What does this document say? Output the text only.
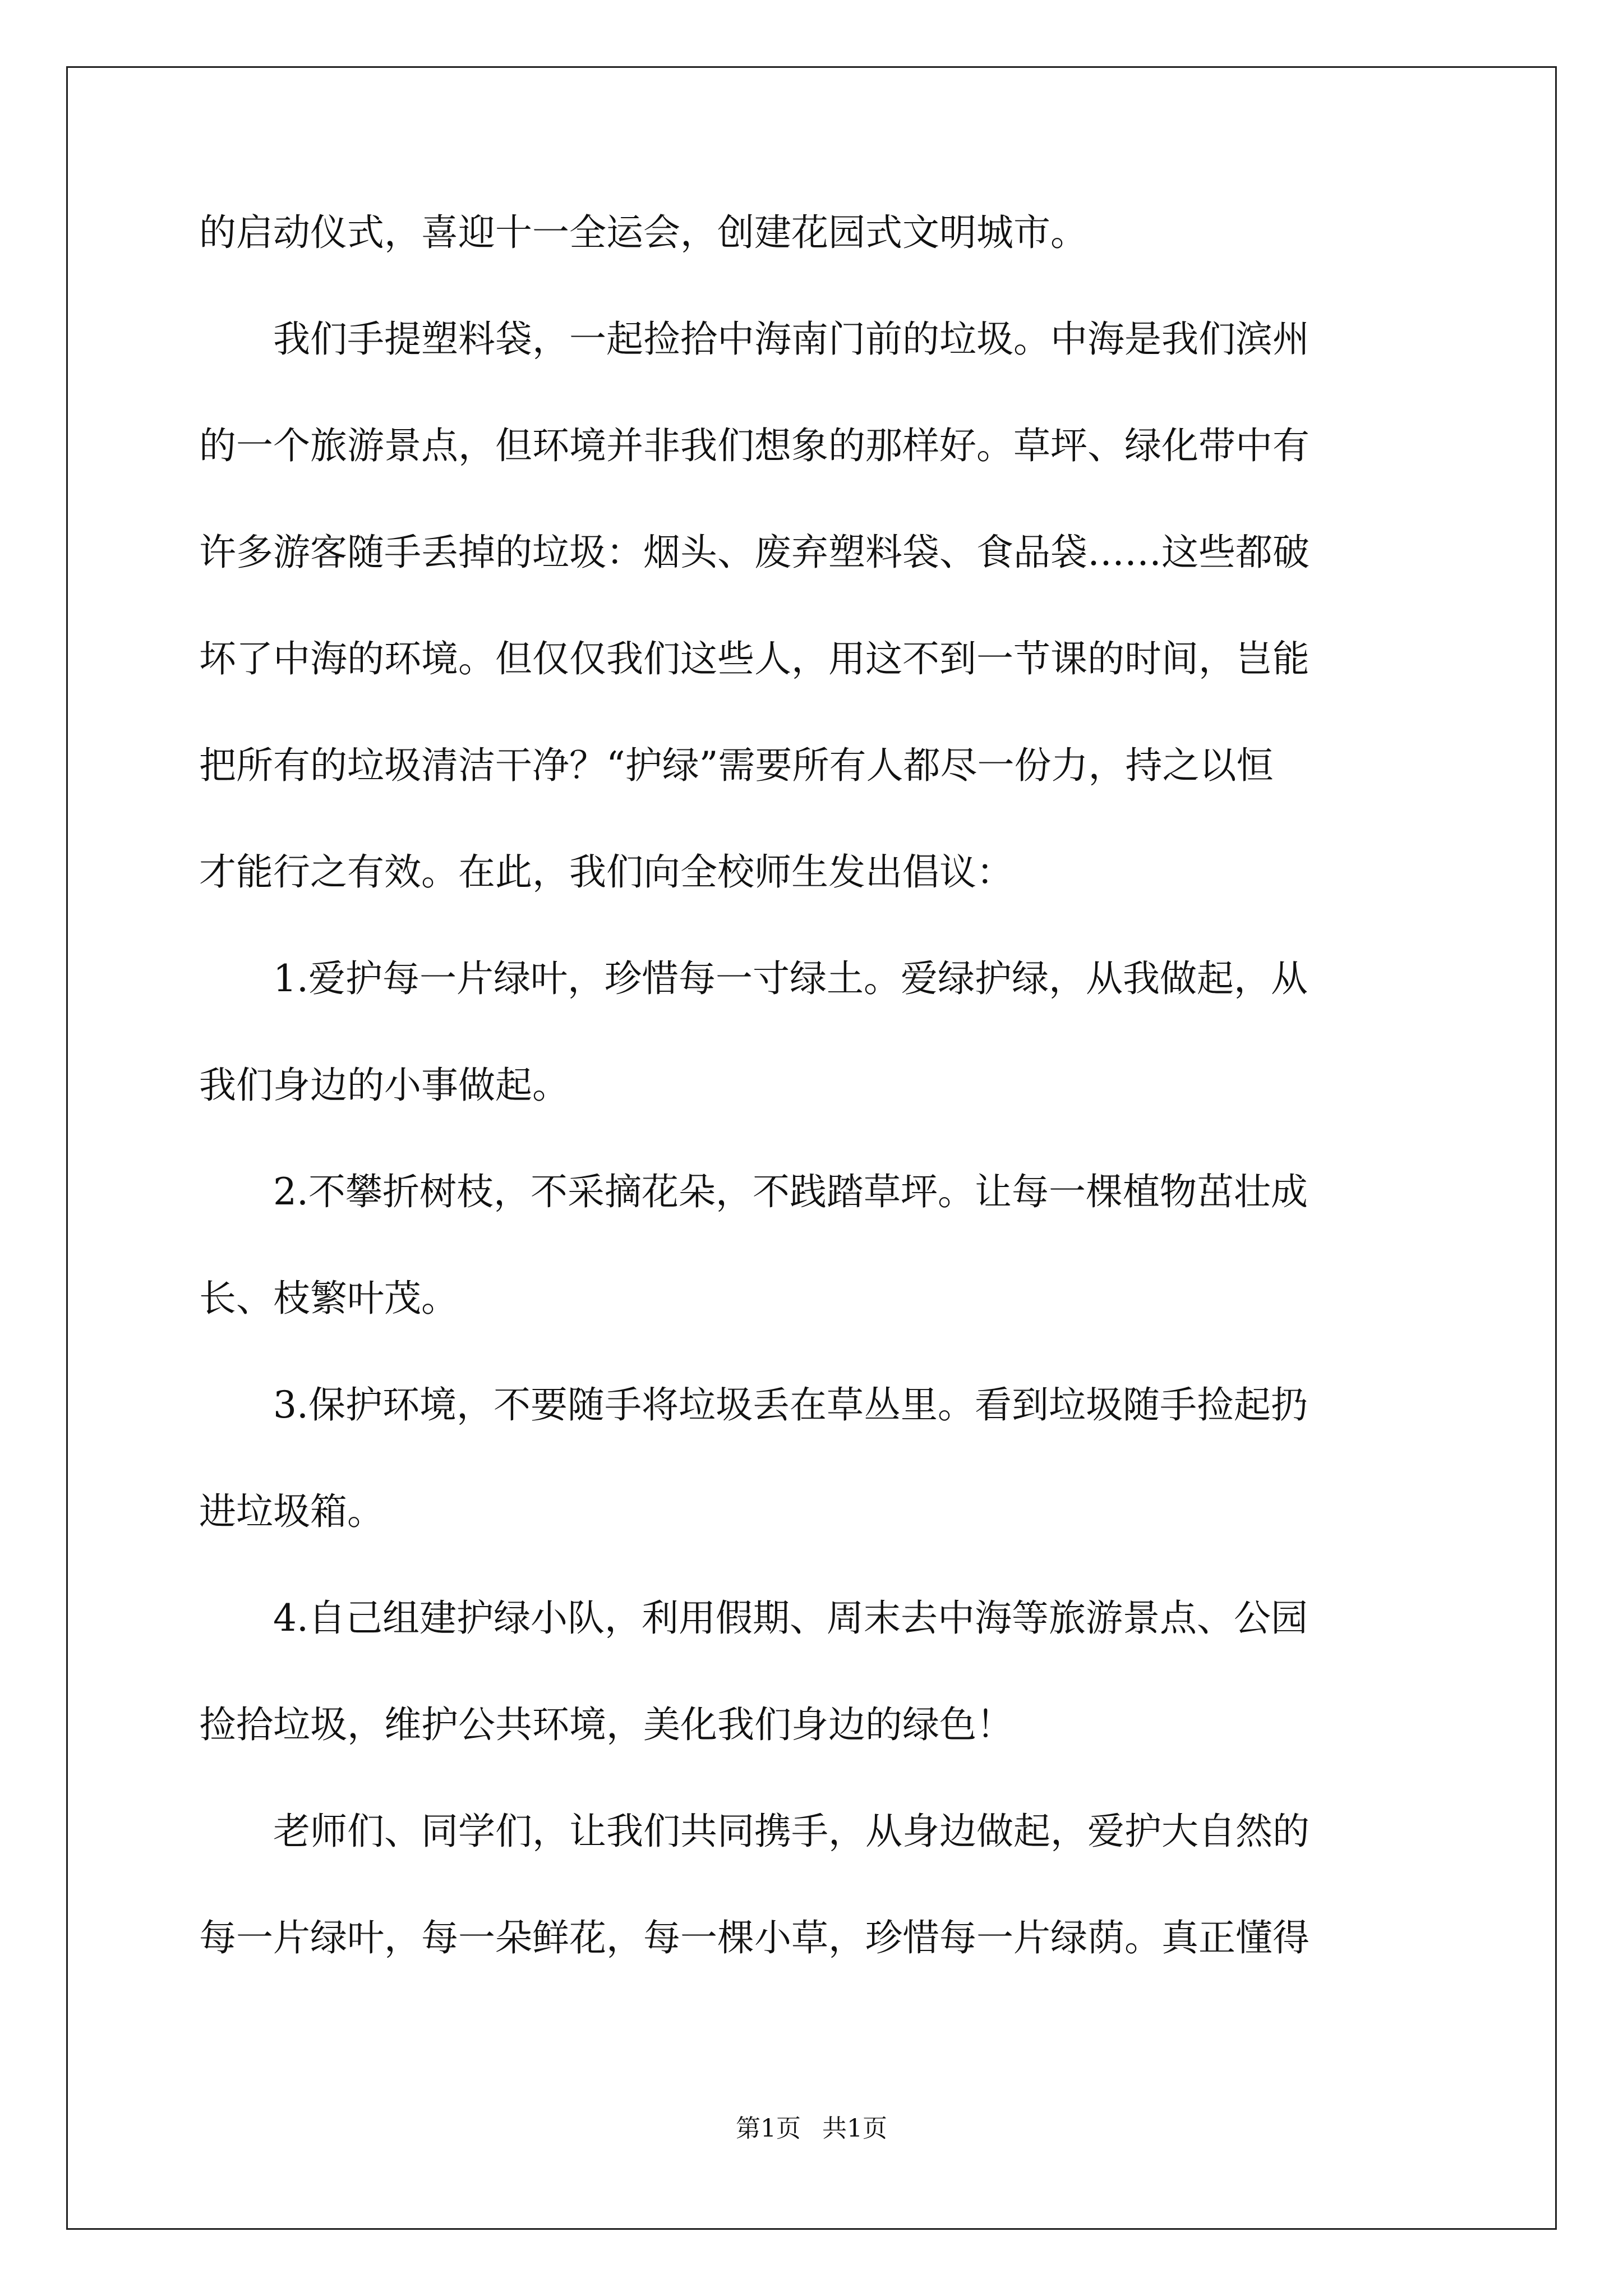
的启动仪式，喜迎十一全运会，创建花园式文明城市。
　　我们手提塑料袋，一起捡拾中海南门前的垃圾。中海是我们滨州
的一个旅游景点，但环境并非我们想象的那样好。草坪、绿化带中有
许多游客随手丢掉的垃圾：烟头、废弃塑料袋、食品袋……这些都破
坏了中海的环境。但仅仅我们这些人，用这不到一节课的时间，岂能
把所有的垃圾清洁干净？“护绿”需要所有人都尽一份力，持之以恒
才能行之有效。在此，我们向全校师生发出倡议：
　　1.爱护每一片绿叶，珍惜每一寸绿土。爱绿护绿，从我做起，从
我们身边的小事做起。
　　2.不攀折树枝，不采摘花朵，不践踏草坪。让每一棵植物茁壮成
长、枝繁叶茂。
　　3.保护环境，不要随手将垃圾丢在草丛里。看到垃圾随手捡起扔
进垃圾箱。
　　4.自己组建护绿小队，利用假期、周末去中海等旅游景点、公园
捡拾垃圾，维护公共环境，美化我们身边的绿色！
　　老师们、同学们，让我们共同携手，从身边做起，爱护大自然的
每一片绿叶，每一朵鲜花，每一棵小草，珍惜每一片绿荫。真正懂得
第1页 共1页
